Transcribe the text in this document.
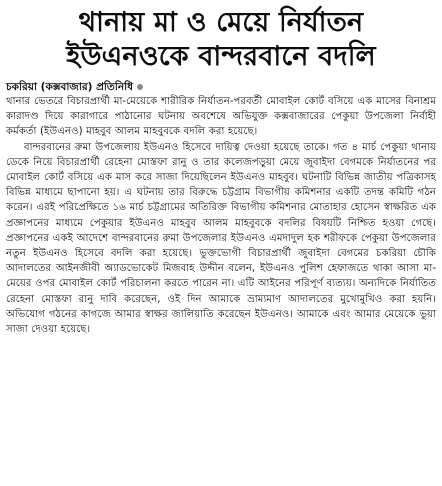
থানায় মা ও মেয়ে নির্যাতন
ইউএনওকে বান্দরবানে বদলি
চকরিয়া (কক্সবাজার) প্রতিনিধি

থানার ভেতরে বিচারপ্রার্থী মা-মেয়েকে শারীরিক নির্যাতন-পরবর্তী মোবাইল কোর্ট বসিয়ে এক মাসের বিনাশ্রম কারাদণ্ড দিয়ে কারাগারে পাঠানোর ঘটনায় অবশেষে অভিযুক্ত কক্সবাজারের পেকুয়া উপজেলা নির্বাহী কর্মকর্তা (ইউএনও) মাহবুব আলম মাহবুবকে বদলি করা হয়েছে।

বান্দরবানের রুমা উপজেলায় ইউএনও হিসেবে দায়িত্ব দেওয়া হয়েছে তাকে। গত ৪ মার্চ পেকুয়া থানায় ডেকে নিয়ে বিচারপ্রার্থী রেহেনা মোস্তফা রানু ও তার কলেজপড়ুয়া মেয়ে জুবাইদা বেগমকে নির্যাতনের পর মোবাইল কোর্ট বসিয়ে এক মাস করে সাজা দিয়েছিলেন ইউএনও মাহবুব। ঘটনাটি বিভিন্ন জাতীয় পত্রিকাসহ বিভিন্ন মাধ্যমে ছাপানো হয়। এ ঘটনায় তার বিরুদ্ধে চট্টগ্রাম বিভাগীয় কমিশনার একটি তদন্ত কমিটি গঠন করেন। এরই পরিপ্রেক্ষিতে ১৬ মার্চ চট্টগ্রামের অতিরিক্ত বিভাগীয় কমিশনার মোতাহার হোসেন স্বাক্ষরিত এক প্রজ্ঞাপনের মাধ্যমে পেকুয়ার ইউএনও মাহবুব আলম মাহবুবকে বদলির বিষয়টি নিশ্চিত হওয়া গেছে। প্রজ্ঞাপনের একই আদেশে বান্দরবানের রুমা উপজেলার ইউএনও এমদাদুল হক শরীফকে পেকুয়া উপজেলার নতুন ইউএনও হিসেবে বদলি করা হয়েছে। ভুক্তভোগী বিচারপ্রার্থী জুবাইদা বেগমের চকরিয়া চৌকি আদালতের আইনজীবী অ্যাডভোকেট মিজবাহ উদ্দীন বলেন, ইউএনও পুলিশ হেফাজতে থাকা আসা মা-মেয়ের ওপর মোবাইল কোর্ট পরিচালনা করতে পারেন না। এটি আইনের পরিপূর্ণ ব্যত্যয়। অন্যদিকে নির্যাতিত রেহেনা মোস্তফা রানু দাবি করেছেন, ওই দিন আমাকে ভ্রাম্যমাণ আদালতের মুখোমুখিও করা হয়নি। অভিযোগ গঠনের কাগজে আমার স্বাক্ষর জালিয়াতি করেছেন ইউএনও। আমাকে এবং আমার মেয়েকে ভুয়া সাজা দেওয়া হয়েছে।
